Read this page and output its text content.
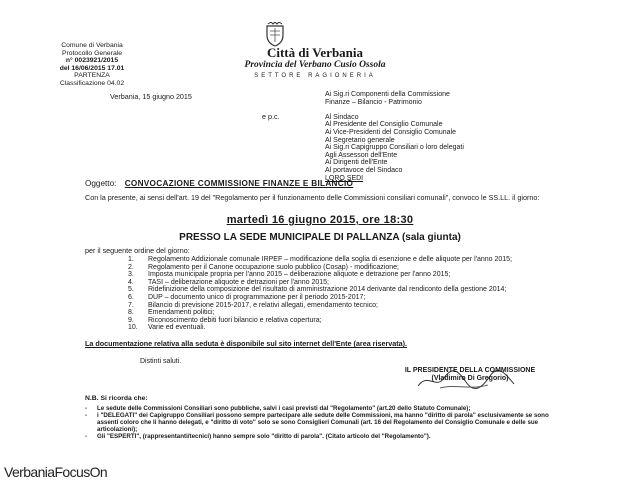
Comune di Verbania
Protocollo Generale
n° 0023921/2015
del 16/06/2015 17.01
PARTENZA
Classificazione 04.02
Città di Verbania
Provincia del Verbano Cusio Ossola
SETTORE RAGIONERIA
Verbania, 15 giugno 2015
e p.c.
Ai Sig.ri Componenti della Commissione
Finanze – Bilancio - Patrimonio
Al Sindaco
Al Presidente del Consiglio Comunale
Ai Vice-Presidenti del Consiglio Comunale
Al Segretario generale
Ai Sig.ri Capigruppo Consiliari o loro delegati
Agli Assessori dell'Ente
Ai Dirigenti dell'Ente
Al portavoce del Sindaco
LORO SEDI
Oggetto: CONVOCAZIONE COMMISSIONE FINANZE E BILANCIO
Con la presente, ai sensi dell'art. 19 del "Regolamento per il funzionamento delle Commissioni consiliari comunali", convoco le SS.LL. il giorno:
martedì 16 giugno 2015, ore 18:30
PRESSO LA SEDE MUNICIPALE DI PALLANZA (sala giunta)
per il seguente ordine del giorno:
1.	Regolamento Addizionale comunale IRPEF – modificazione della soglia di esenzione e delle aliquote per l'anno 2015;
2.	Regolamento per il Canone occupazione suolo pubblico (Cosap) - modificazione;
3.	Imposta municipale propria per l'anno 2015 – deliberazione aliquote e detrazione per l'anno 2015;
4.	TASI – deliberazione aliquote e detrazioni per l'anno 2015;
5.	Ridefinizione della composizione del risultato di amministrazione 2014 derivante dal rendiconto della gestione 2014;
6.	DUP – documento unico di programmazione per il periodo 2015-2017;
7.	Bilancio di previsione 2015-2017, e relativi allegati, emendamento tecnico;
8.	Emendamenti politici;
9.	Riconoscimento debiti fuori bilancio e relativa copertura;
10.	Varie ed eventuali.
La documentazione relativa alla seduta è disponibile sul sito internet dell'Ente (area riservata).
Distinti saluti.
IL PRESIDENTE DELLA COMMISSIONE
(Vladimiro Di Gregorio)
N.B. Si ricorda che:
-	Le sedute delle Commissioni Consiliari sono pubbliche, salvi i casi previsti dal "Regolamento" (art.20 dello Statuto Comunale);
-	i "DELEGATI" dei Capigruppo Consiliari possono sempre partecipare alle sedute delle Commissioni, ma hanno "diritto di parola" esclusivamente se sono assenti coloro che li hanno delegati, e "diritto di voto" solo se sono Consiglieri Comunali (art. 16 del Regolamento del Consiglio Comunale e delle sue articolazioni);
-	Gli "ESPERTI", (rappresentanti/tecnici) hanno sempre solo "diritto di parola". (Citato articolo del "Regolamento").
VerbaniaFocusOn
